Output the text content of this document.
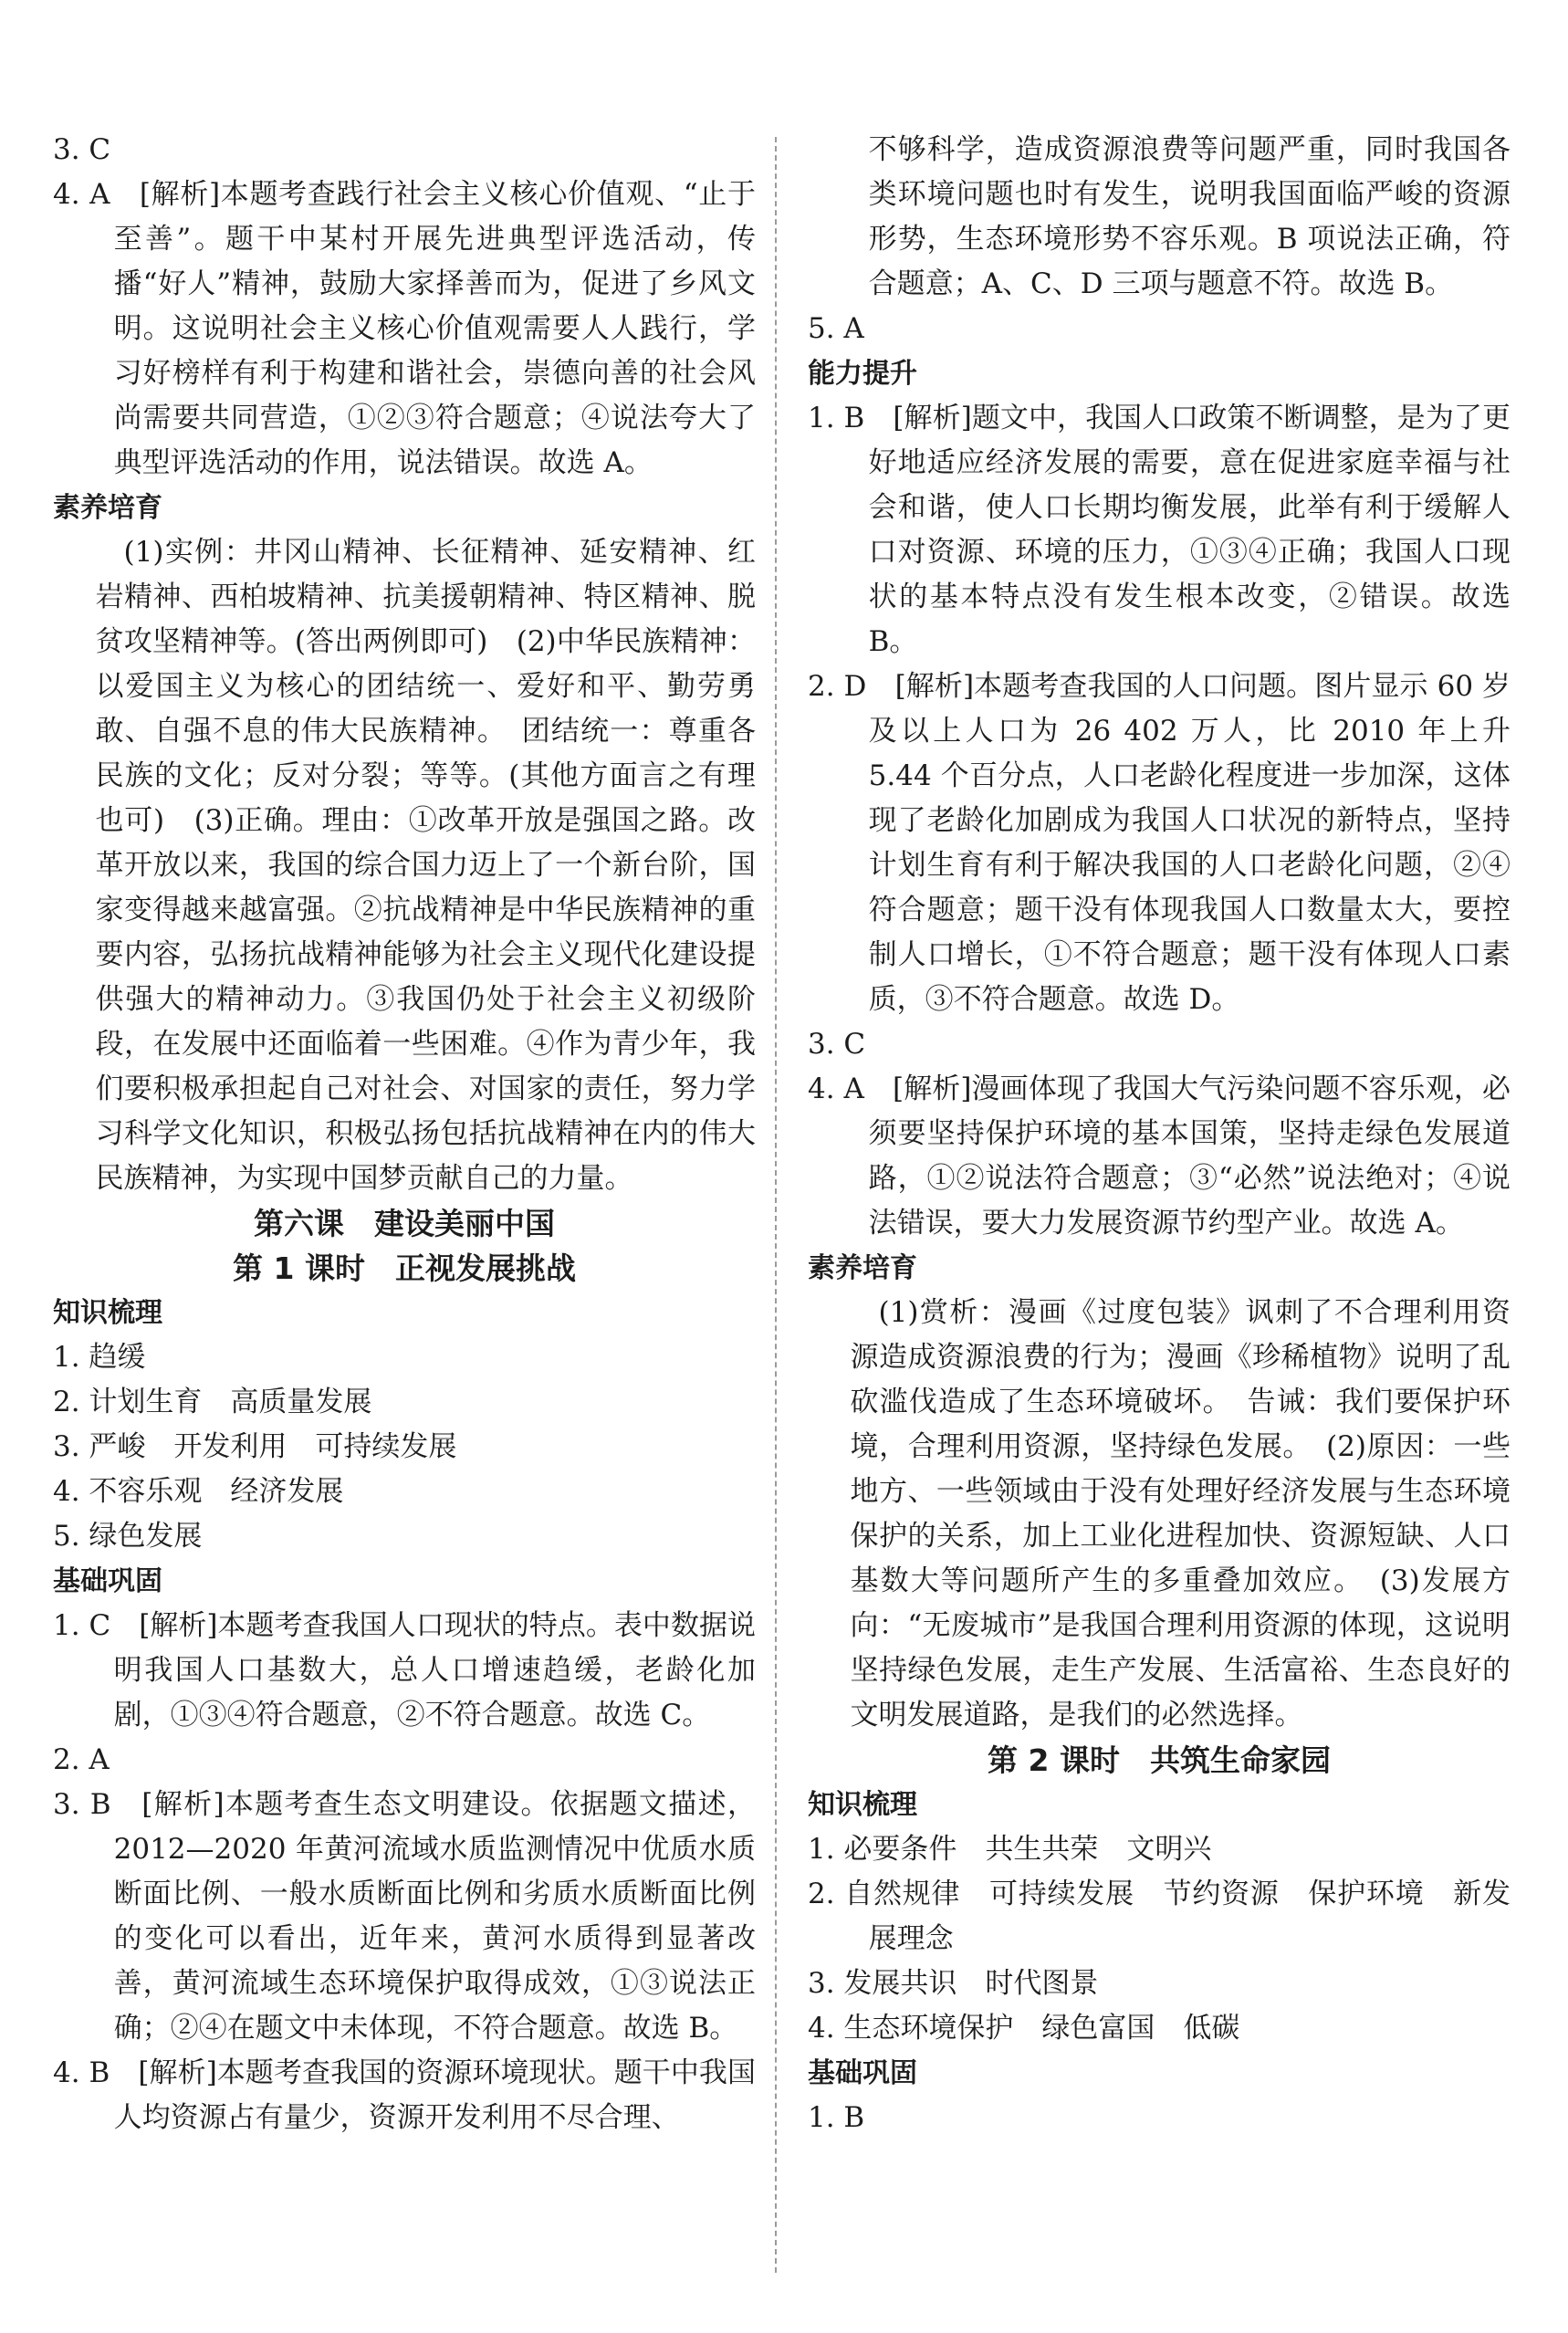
3. C

4. A　[解析]本题考查践行社会主义核心价值观、“止于至善”。题干中某村开展先进典型评选活动，传播“好人”精神，鼓励大家择善而为，促进了乡风文明。这说明社会主义核心价值观需要人人践行，学习好榜样有利于构建和谐社会，崇德向善的社会风尚需要共同营造，①②③符合题意；④说法夸大了典型评选活动的作用，说法错误。故选 A。

素养培育

(1)实例：井冈山精神、长征精神、延安精神、红岩精神、西柏坡精神、抗美援朝精神、特区精神、脱贫攻坚精神等。(答出两例即可)　(2)中华民族精神：以爱国主义为核心的团结统一、爱好和平、勤劳勇敢、自强不息的伟大民族精神。　团结统一：尊重各民族的文化；反对分裂；等等。(其他方面言之有理也可)　(3)正确。理由：①改革开放是强国之路。改革开放以来，我国的综合国力迈上了一个新台阶，国家变得越来越富强。②抗战精神是中华民族精神的重要内容，弘扬抗战精神能够为社会主义现代化建设提供强大的精神动力。③我国仍处于社会主义初级阶段，在发展中还面临着一些困难。④作为青少年，我们要积极承担起自己对社会、对国家的责任，努力学习科学文化知识，积极弘扬包括抗战精神在内的伟大民族精神，为实现中国梦贡献自己的力量。

第六课　建设美丽中国

第 1 课时　正视发展挑战

知识梳理

1. 趋缓

2. 计划生育　高质量发展

3. 严峻　开发利用　可持续发展

4. 不容乐观　经济发展

5. 绿色发展

基础巩固

1. C　[解析]本题考查我国人口现状的特点。表中数据说明我国人口基数大，总人口增速趋缓，老龄化加剧，①③④符合题意，②不符合题意。故选 C。

2. A

3. B　[解析]本题考查生态文明建设。依据题文描述，2012—2020 年黄河流域水质监测情况中优质水质断面比例、一般水质断面比例和劣质水质断面比例的变化可以看出，近年来，黄河水质得到显著改善，黄河流域生态环境保护取得成效，①③说法正确；②④在题文中未体现，不符合题意。故选 B。

4. B　[解析]本题考查我国的资源环境现状。题干中我国人均资源占有量少，资源开发利用不尽合理、

不够科学，造成资源浪费等问题严重，同时我国各类环境问题也时有发生，说明我国面临严峻的资源形势，生态环境形势不容乐观。B 项说法正确，符合题意；A、C、D 三项与题意不符。故选 B。

5. A

能力提升

1. B　[解析]题文中，我国人口政策不断调整，是为了更好地适应经济发展的需要，意在促进家庭幸福与社会和谐，使人口长期均衡发展，此举有利于缓解人口对资源、环境的压力，①③④正确；我国人口现状的基本特点没有发生根本改变，②错误。故选 B。

2. D　[解析]本题考查我国的人口问题。图片显示 60 岁及以上人口为 26 402 万人，比 2010 年上升 5.44 个百分点，人口老龄化程度进一步加深，这体现了老龄化加剧成为我国人口状况的新特点，坚持计划生育有利于解决我国的人口老龄化问题，②④符合题意；题干没有体现我国人口数量太大，要控制人口增长，①不符合题意；题干没有体现人口素质，③不符合题意。故选 D。

3. C

4. A　[解析]漫画体现了我国大气污染问题不容乐观，必须要坚持保护环境的基本国策，坚持走绿色发展道路，①②说法符合题意；③“必然”说法绝对；④说法错误，要大力发展资源节约型产业。故选 A。

素养培育

(1)赏析：漫画《过度包装》讽刺了不合理利用资源造成资源浪费的行为；漫画《珍稀植物》说明了乱砍滥伐造成了生态环境破坏。　告诫：我们要保护环境，合理利用资源，坚持绿色发展。　(2)原因：一些地方、一些领域由于没有处理好经济发展与生态环境保护的关系，加上工业化进程加快、资源短缺、人口基数大等问题所产生的多重叠加效应。　(3)发展方向：“无废城市”是我国合理利用资源的体现，这说明坚持绿色发展，走生产发展、生活富裕、生态良好的文明发展道路，是我们的必然选择。

第 2 课时　共筑生命家园

知识梳理

1. 必要条件　共生共荣　文明兴

2. 自然规律　可持续发展　节约资源　保护环境　新发展理念

3. 发展共识　时代图景

4. 生态环境保护　绿色富国　低碳

基础巩固

1. B
